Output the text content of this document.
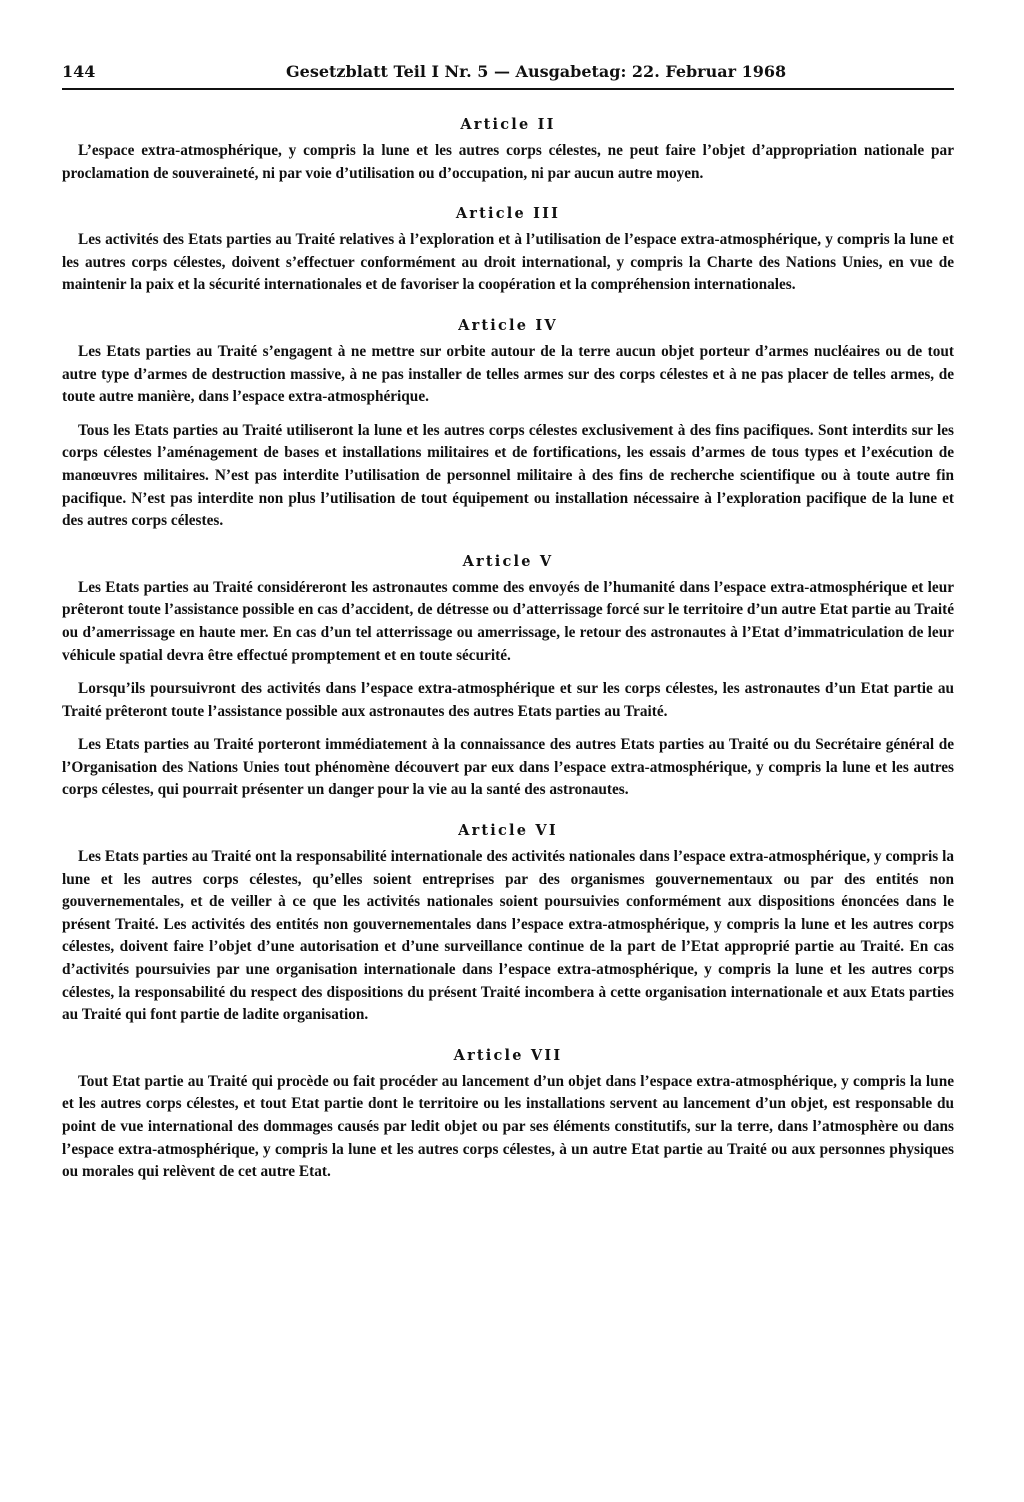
144	Gesetzblatt Teil I Nr. 5 — Ausgabetag: 22. Februar 1968
Article II

L’espace extra-atmosphérique, y compris la lune et les autres corps célestes, ne peut faire l’objet d’appropriation nationale par proclamation de souveraineté, ni par voie d’utilisation ou d’occupation, ni par aucun autre moyen.

Article III

Les activités des Etats parties au Traité relatives à l’exploration et à l’utilisation de l’espace extra-atmosphérique, y compris la lune et les autres corps célestes, doivent s’effectuer conformément au droit international, y compris la Charte des Nations Unies, en vue de maintenir la paix et la sécurité internationales et de favoriser la coopération et la compréhension internationales.

Article IV

Les Etats parties au Traité s’engagent à ne mettre sur orbite autour de la terre aucun objet porteur d’armes nucléaires ou de tout autre type d’armes de destruction massive, à ne pas installer de telles armes sur des corps célestes et à ne pas placer de telles armes, de toute autre manière, dans l’espace extra-atmosphérique.

Tous les Etats parties au Traité utiliseront la lune et les autres corps célestes exclusivement à des fins pacifiques. Sont interdits sur les corps célestes l’aménagement de bases et installations militaires et de fortifications, les essais d’armes de tous types et l’exécution de manœuvres militaires. N’est pas interdite l’utilisation de personnel militaire à des fins de recherche scientifique ou à toute autre fin pacifique. N’est pas interdite non plus l’utilisation de tout équipement ou installation nécessaire à l’exploration pacifique de la lune et des autres corps célestes.

Article V

Les Etats parties au Traité considéreront les astronautes comme des envoyés de l’humanité dans l’espace extra-atmosphérique et leur prêteront toute l’assistance possible en cas d’accident, de détresse ou d’atterrissage forcé sur le territoire d’un autre Etat partie au Traité ou d’amerrissage en haute mer. En cas d’un tel atterrissage ou amerrissage, le retour des astronautes à l’Etat d’immatriculation de leur véhicule spatial devra être effectué promptement et en toute sécurité.

Lorsqu’ils poursuivront des activités dans l’espace extra-atmosphérique et sur les corps célestes, les astronautes d’un Etat partie au Traité prêteront toute l’assistance possible aux astronautes des autres Etats parties au Traité.

Les Etats parties au Traité porteront immédiatement à la connaissance des autres Etats parties au Traité ou du Secrétaire général de l’Organisation des Nations Unies tout phénomène découvert par eux dans l’espace extra-atmosphérique, y compris la lune et les autres corps célestes, qui pourrait présenter un danger pour la vie au la santé des astronautes.

Article VI

Les Etats parties au Traité ont la responsabilité internationale des activités nationales dans l’espace extra-atmosphérique, y compris la lune et les autres corps célestes, qu’elles soient entreprises par des organismes gouvernementaux ou par des entités non gouvernementales, et de veiller à ce que les activités nationales soient poursuivies conformément aux dispositions énoncées dans le présent Traité. Les activités des entités non gouvernementales dans l’espace extra-atmosphérique, y compris la lune et les autres corps célestes, doivent faire l’objet d’une autorisation et d’une surveillance continue de la part de l’Etat approprié partie au Traité. En cas d’activités poursuivies par une organisation internationale dans l’espace extra-atmosphérique, y compris la lune et les autres corps célestes, la responsabilité du respect des dispositions du présent Traité incombera à cette organisation internationale et aux Etats parties au Traité qui font partie de ladite organisation.

Article VII

Tout Etat partie au Traité qui procède ou fait procéder au lancement d’un objet dans l’espace extra-atmosphérique, y compris la lune et les autres corps célestes, et tout Etat partie dont le territoire ou les installations servent au lancement d’un objet, est responsable du point de vue international des dommages causés par ledit objet ou par ses éléments constitutifs, sur la terre, dans l’atmosphère ou dans l’espace extra-atmosphérique, y compris la lune et les autres corps célestes, à un autre Etat partie au Traité ou aux personnes physiques ou morales qui relèvent de cet autre Etat.
